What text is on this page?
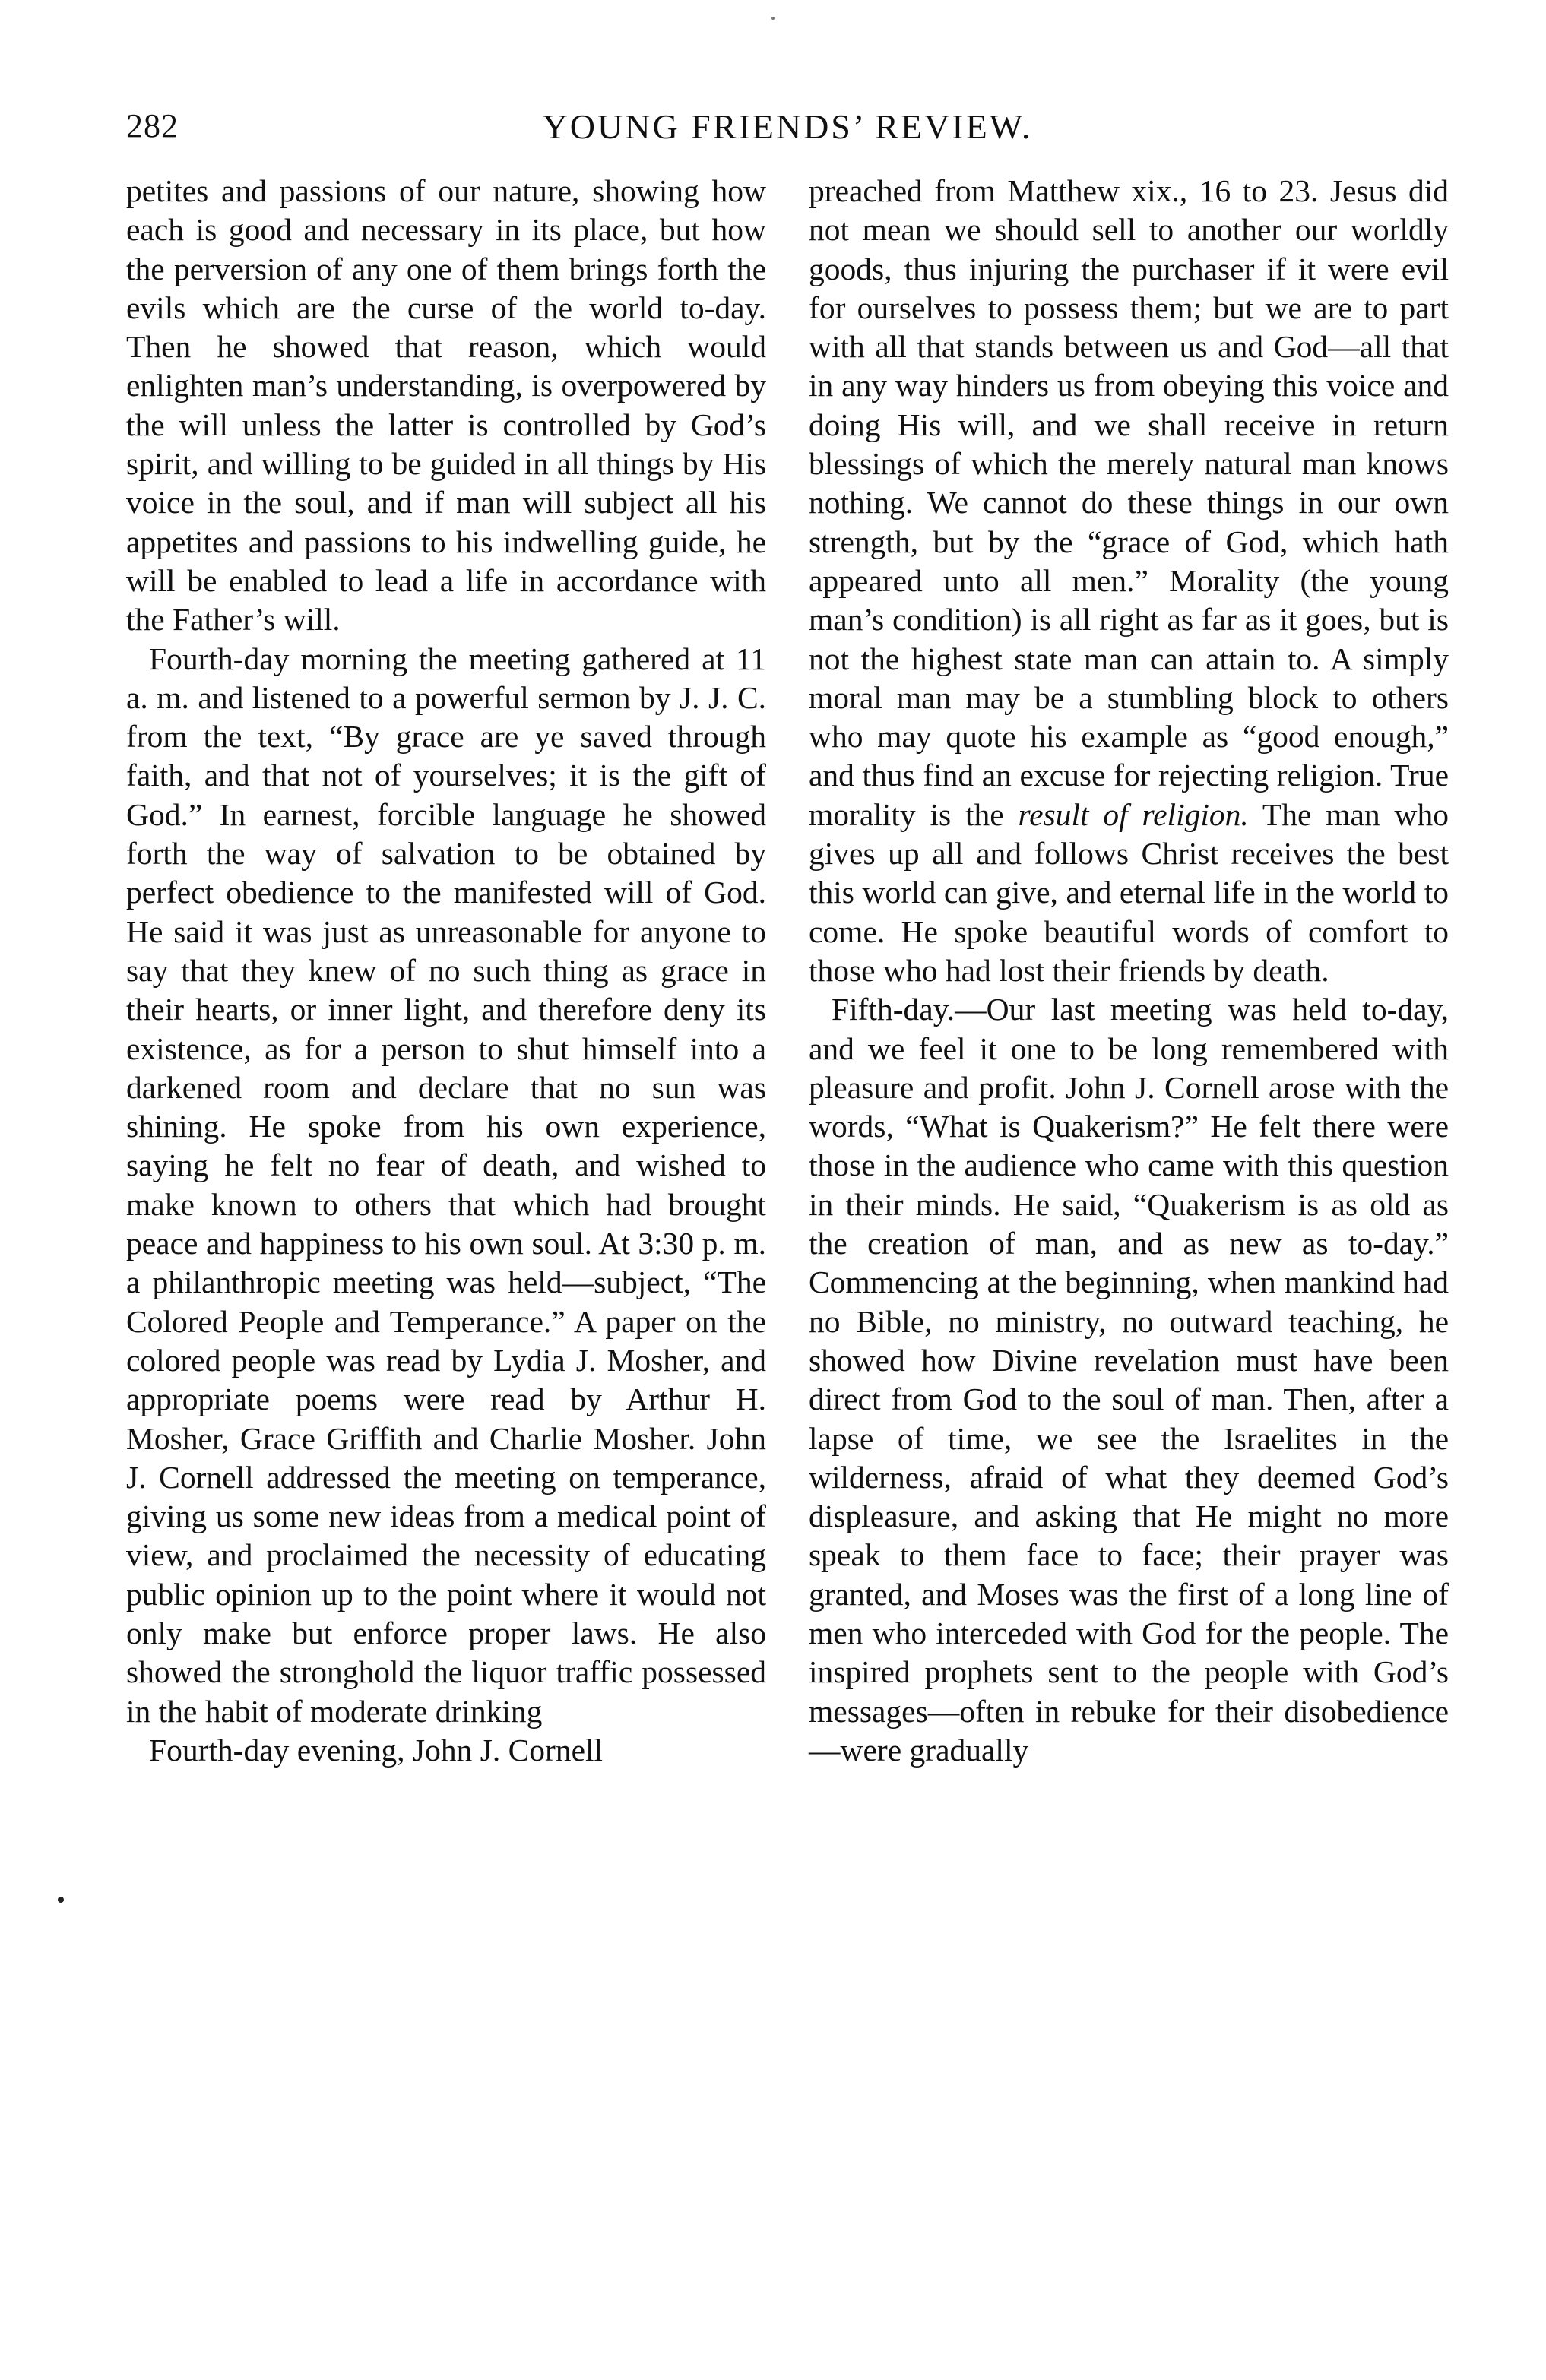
282	YOUNG FRIENDS’ REVIEW.

petites and passions of our nature, showing how each is good and necessary in its place, but how the perversion of any one of them brings forth the evils which are the curse of the world to-day. Then he showed that reason, which would enlighten man’s understanding, is overpowered by the will unless the latter is controlled by God’s spirit, and willing to be guided in all things by His voice in the soul, and if man will subject all his appetites and passions to his indwelling guide, he will be enabled to lead a life in accordance with the Father’s will.

Fourth-day morning the meeting gathered at 11 a. m. and listened to a powerful sermon by J. J. C. from the text, “By grace are ye saved through faith, and that not of yourselves; it is the gift of God.” In earnest, forcible language he showed forth the way of salvation to be obtained by perfect obedience to the manifested will of God. He said it was just as unreasonable for anyone to say that they knew of no such thing as grace in their hearts, or inner light, and therefore deny its existence, as for a person to shut himself into a darkened room and declare that no sun was shining. He spoke from his own experience, saying he felt no fear of death, and wished to make known to others that which had brought peace and happiness to his own soul. At 3:30 p. m. a philanthropic meeting was held—subject, “The Colored People and Temperance.” A paper on the colored people was read by Lydia J. Mosher, and appropriate poems were read by Arthur H. Mosher, Grace Griffith and Charlie Mosher. John J. Cornell addressed the meeting on temperance, giving us some new ideas from a medical point of view, and proclaimed the necessity of educating public opinion up to the point where it would not only make but enforce proper laws. He also showed the stronghold the liquor traffic possessed in the habit of moderate drinking

Fourth-day evening, John J. Cornell

preached from Matthew xix., 16 to 23. Jesus did not mean we should sell to another our worldly goods, thus injuring the purchaser if it were evil for ourselves to possess them; but we are to part with all that stands between us and God—all that in any way hinders us from obeying this voice and doing His will, and we shall receive in return blessings of which the merely natural man knows nothing. We cannot do these things in our own strength, but by the “grace of God, which hath appeared unto all men.” Morality (the young man’s condition) is all right as far as it goes, but is not the highest state man can attain to. A simply moral man may be a stumbling block to others who may quote his example as “good enough,” and thus find an excuse for rejecting religion. True morality is the result of religion. The man who gives up all and follows Christ receives the best this world can give, and eternal life in the world to come. He spoke beautiful words of comfort to those who had lost their friends by death.

Fifth-day.—Our last meeting was held to-day, and we feel it one to be long remembered with pleasure and profit. John J. Cornell arose with the words, “What is Quakerism?” He felt there were those in the audience who came with this question in their minds. He said, “Quakerism is as old as the creation of man, and as new as to-day.” Commencing at the beginning, when mankind had no Bible, no ministry, no outward teaching, he showed how Divine revelation must have been direct from God to the soul of man. Then, after a lapse of time, we see the Israelites in the wilderness, afraid of what they deemed God’s displeasure, and asking that He might no more speak to them face to face; their prayer was granted, and Moses was the first of a long line of men who interceded with God for the people. The inspired prophets sent to the people with God’s messages—often in rebuke for their disobedience—were gradually
